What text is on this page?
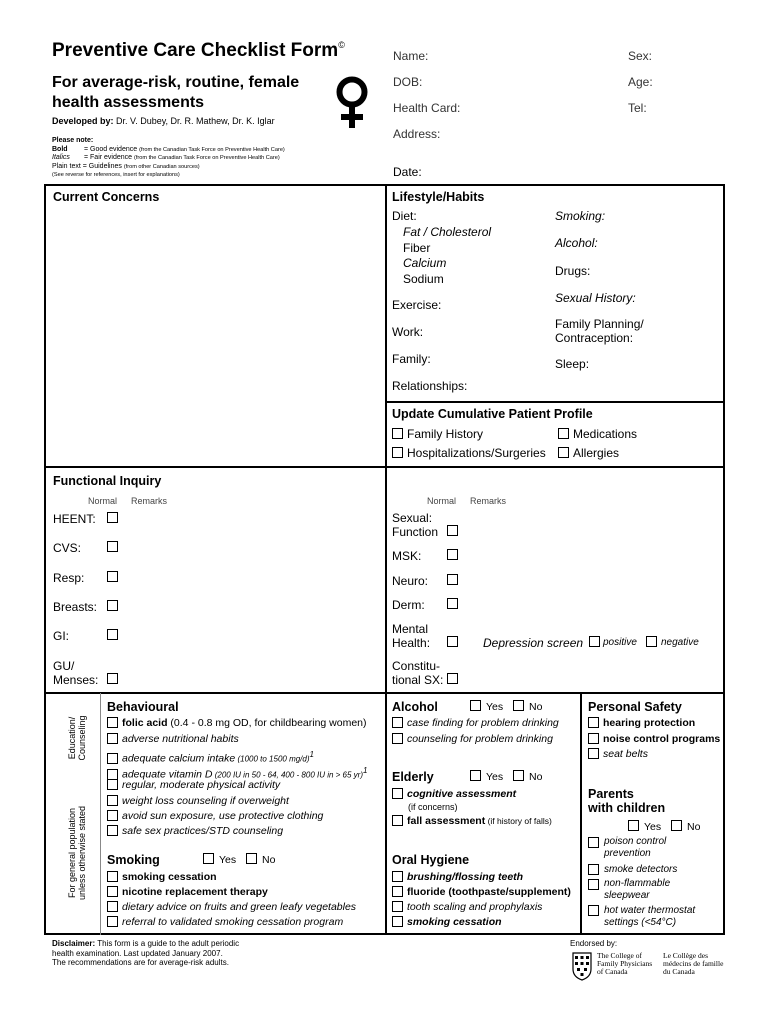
Preventive Care Checklist Form©
For average-risk, routine, female health assessments
Developed by: Dr. V. Dubey, Dr. R. Mathew, Dr. K. Iglar
Please note:
Bold = Good evidence (from the Canadian Task Force on Preventive Health Care)
Italics = Fair evidence (from the Canadian Task Force on Preventive Health Care)
Plain text = Guidelines (from other Canadian sources)
(See reverse for references, insert for explanations)
Name:	Sex:
DOB:	Age:
Health Card:	Tel:
Address:
Date:
Current Concerns	Lifestyle/Habits
Diet:
Fat / Cholesterol
Fiber
Calcium
Sodium
Exercise:
Work:
Family:
Relationships:
Smoking:
Alcohol:
Drugs:
Sexual History:
Family Planning/
Contraception:
Sleep:
Update Cumulative Patient Profile
Family History	Medications
Hospitalizations/Surgeries Allergies
Functional Inquiry
Normal Remarks	Normal Remarks
HEENT:
CVS:
Resp:
Breasts:
GI:
GU/
Menses:
Sexual:
Function
MSK:
Neuro:
Derm:
Mental
Health:	Depression screen positive negative
Constitu-
tional SX:
Education/ Counseling
For general population unless otherwise stated
Behavioural
folic acid (0.4 - 0.8 mg OD, for childbearing women)
adverse nutritional habits
adequate calcium intake (1000 to 1500 mg/d)$^1$
adequate vitamin D (200 IU in 50 - 64, 400 - 800 IU in > 65 yr)$^1$
regular, moderate physical activity
weight loss counseling if overweight
avoid sun exposure, use protective clothing
safe sex practices/STD counseling
Smoking	Yes No
smoking cessation
nicotine replacement therapy
dietary advice on fruits and green leafy vegetables
referral to validated smoking cessation program
Alcohol	Yes No
case finding for problem drinking
counseling for problem drinking
Elderly	Yes No
cognitive assessment
(if concerns)
fall assessment (if history of falls)
Oral Hygiene
brushing/flossing teeth
fluoride (toothpaste/supplement)
tooth scaling and prophylaxis
smoking cessation
Personal Safety
hearing protection
noise control programs
seat belts
Parents
with children
Yes No
poison control
prevention
smoke detectors
non-flammable
sleepwear
hot water thermostat
settings (<54°C)
Disclaimer: This form is a guide to the adult periodic
health examination. Last updated January 2007.
The recommendations are for average-risk adults.
Endorsed by:
The College of
Family Physicians
of Canada
Le Collège des
médecins de famille
du Canada
